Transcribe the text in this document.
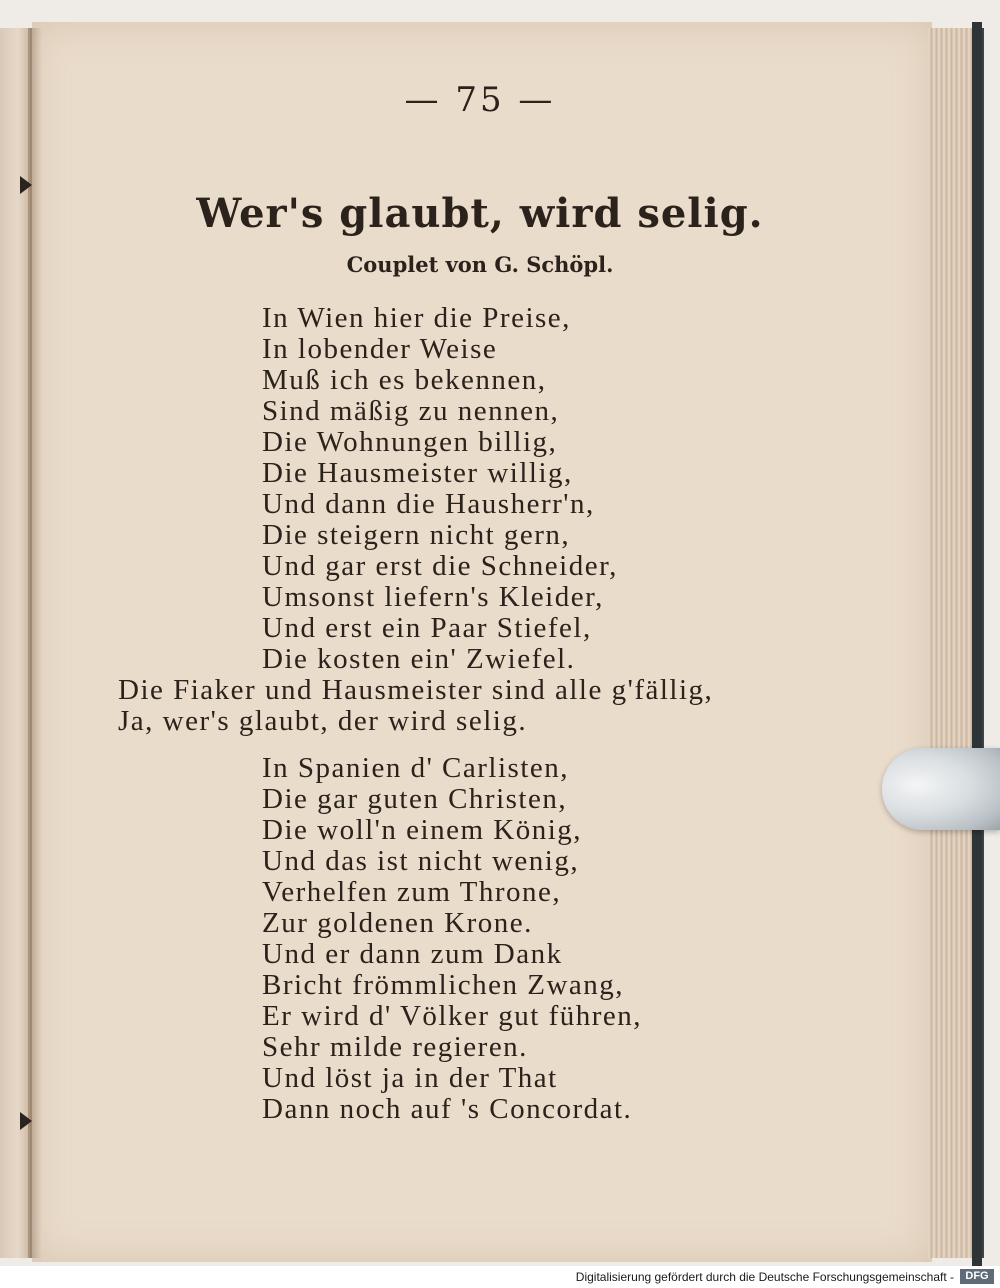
— 75 —
Wer's glaubt, wird selig.
Couplet von G. Schöpl.
In Wien hier die Preise,
In lobender Weise
Muß ich es bekennen,
Sind mäßig zu nennen,
Die Wohnungen billig,
Die Hausmeister willig,
Und dann die Hausherr'n,
Die steigern nicht gern,
Und gar erst die Schneider,
Umsonst liefern's Kleider,
Und erst ein Paar Stiefel,
Die kosten ein' Zwiefel.
Die Fiaker und Hausmeister sind alle g'fällig,
Ja, wer's glaubt, der wird selig.
In Spanien d' Carlisten,
Die gar guten Christen,
Die woll'n einem König,
Und das ist nicht wenig,
Verhelfen zum Throne,
Zur goldenen Krone.
Und er dann zum Dank
Bricht frömmlichen Zwang,
Er wird d' Völker gut führen,
Sehr milde regieren.
Und löst ja in der That
Dann noch auf 's Concordat.
Digitalisierung gefördert durch die Deutsche Forschungsgemeinschaft -	DFG
